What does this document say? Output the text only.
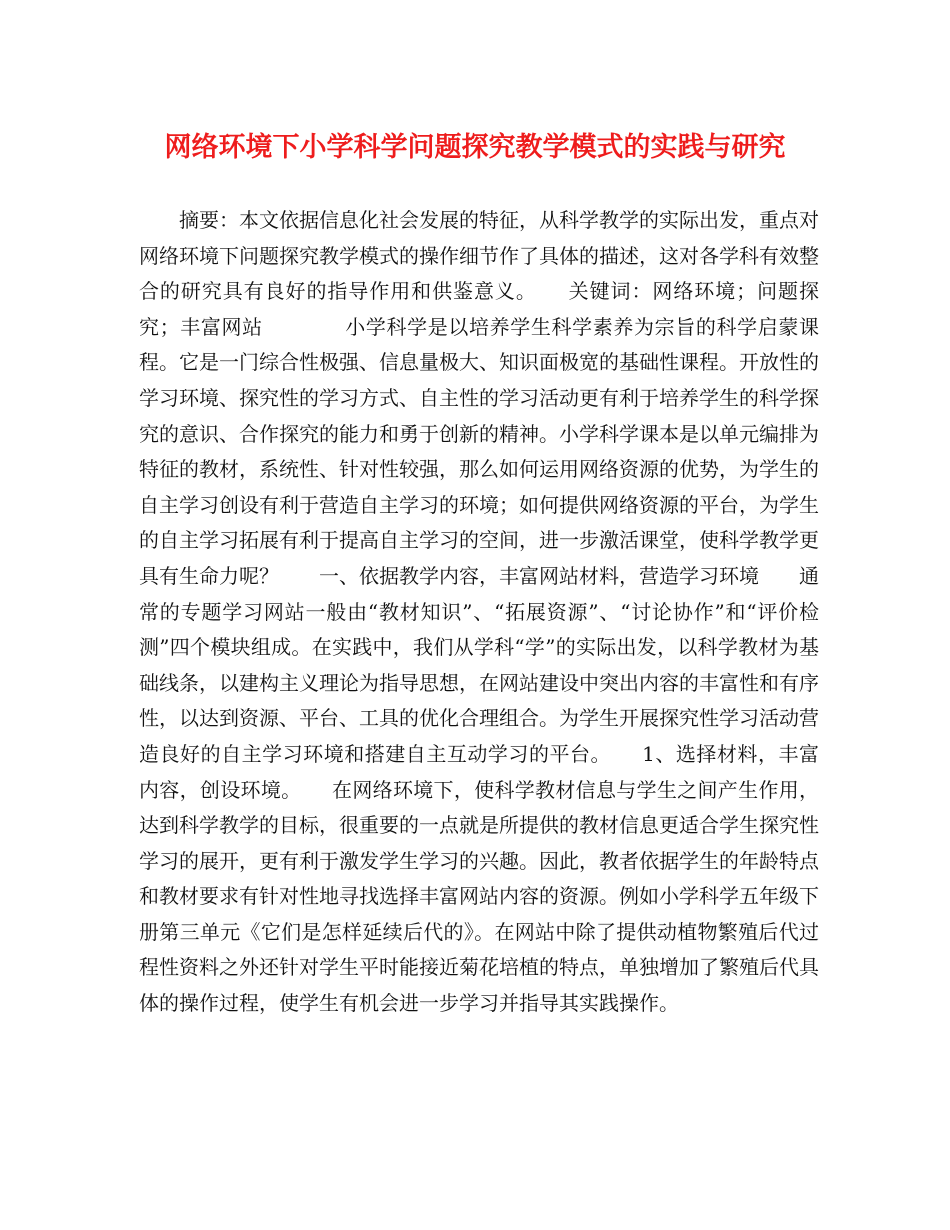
网络环境下小学科学问题探究教学模式的实践与研究

摘要：本文依据信息化社会发展的特征，从科学教学的实际出发，重点对网络环境下问题探究教学模式的操作细节作了具体的描述，这对各学科有效整合的研究具有良好的指导作用和供鉴意义。　　关键词：网络环境；问题探究；丰富网站　　　　小学科学是以培养学生科学素养为宗旨的科学启蒙课程。它是一门综合性极强、信息量极大、知识面极宽的基础性课程。开放性的学习环境、探究性的学习方式、自主性的学习活动更有利于培养学生的科学探究的意识、合作探究的能力和勇于创新的精神。小学科学课本是以单元编排为特征的教材，系统性、针对性较强，那么如何运用网络资源的优势，为学生的自主学习创设有利于营造自主学习的环境；如何提供网络资源的平台，为学生的自主学习拓展有利于提高自主学习的空间，进一步激活课堂，使科学教学更具有生命力呢？　　一、依据教学内容，丰富网站材料，营造学习环境　　通常的专题学习网站一般由“教材知识”、“拓展资源”、“讨论协作”和“评价检测”四个模块组成。在实践中，我们从学科“学”的实际出发，以科学教材为基础线条，以建构主义理论为指导思想，在网站建设中突出内容的丰富性和有序性，以达到资源、平台、工具的优化合理组合。为学生开展探究性学习活动营造良好的自主学习环境和搭建自主互动学习的平台。　　1、选择材料，丰富内容，创设环境。　　在网络环境下，使科学教材信息与学生之间产生作用，达到科学教学的目标，很重要的一点就是所提供的教材信息更适合学生探究性学习的展开，更有利于激发学生学习的兴趣。因此，教者依据学生的年龄特点和教材要求有针对性地寻找选择丰富网站内容的资源。例如小学科学五年级下册第三单元《它们是怎样延续后代的》。在网站中除了提供动植物繁殖后代过程性资料之外还针对学生平时能接近菊花培植的特点，单独增加了繁殖后代具体的操作过程，使学生有机会进一步学习并指导其实践操作。
